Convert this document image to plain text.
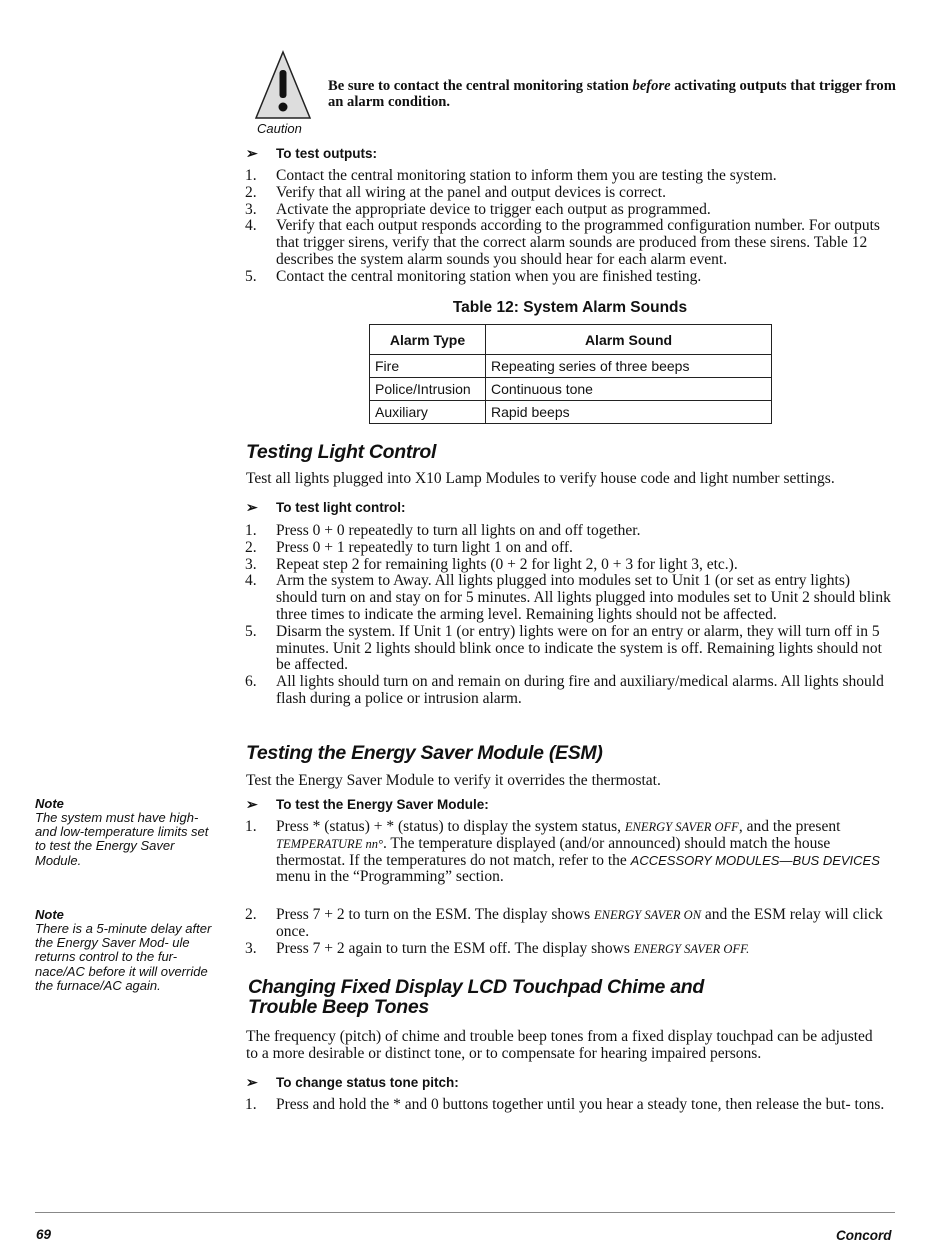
Caution
Be sure to contact the central monitoring station before activating outputs that trigger from an alarm condition.
➢ To test outputs:
1. Contact the central monitoring station to inform them you are testing the system.
2. Verify that all wiring at the panel and output devices is correct.
3. Activate the appropriate device to trigger each output as programmed.
4. Verify that each output responds according to the programmed configuration number. For outputs that trigger sirens, verify that the correct alarm sounds are produced from these sirens. Table 12 describes the system alarm sounds you should hear for each alarm event.
5. Contact the central monitoring station when you are finished testing.
Table 12: System Alarm Sounds
Alarm Type	Alarm Sound
Fire	Repeating series of three beeps
Police/Intrusion	Continuous tone
Auxiliary	Rapid beeps
Testing Light Control
Test all lights plugged into X10 Lamp Modules to verify house code and light number settings.
➢ To test light control:
1. Press 0 + 0 repeatedly to turn all lights on and off together.
2. Press 0 + 1 repeatedly to turn light 1 on and off.
3. Repeat step 2 for remaining lights (0 + 2 for light 2, 0 + 3 for light 3, etc.).
4. Arm the system to Away. All lights plugged into modules set to Unit 1 (or set as entry lights) should turn on and stay on for 5 minutes. All lights plugged into modules set to Unit 2 should blink three times to indicate the arming level. Remaining lights should not be affected.
5. Disarm the system. If Unit 1 (or entry) lights were on for an entry or alarm, they will turn off in 5 minutes. Unit 2 lights should blink once to indicate the system is off. Remaining lights should not be affected.
6. All lights should turn on and remain on during fire and auxiliary/medical alarms. All lights should flash during a police or intrusion alarm.
Testing the Energy Saver Module (ESM)
Test the Energy Saver Module to verify it overrides the thermostat.
➢ To test the Energy Saver Module:
1. Press * (status) + * (status) to display the system status, ENERGY SAVER OFF, and the present TEMPERATURE nn°. The temperature displayed (and/or announced) should match the house thermostat. If the temperatures do not match, refer to the ACCESSORY MODULES—BUS DEVICES menu in the “Programming” section.
2. Press 7 + 2 to turn on the ESM. The display shows ENERGY SAVER ON and the ESM relay will click once.
3. Press 7 + 2 again to turn the ESM off. The display shows ENERGY SAVER OFF.
Note
The system must have high- and low-temperature limits set to test the Energy Saver Module.
Note
There is a 5-minute delay after the Energy Saver Mod- ule returns control to the fur- nace/AC before it will override the furnace/AC again.	Changing Fixed Display LCD Touchpad Chime and
Trouble Beep Tones
The frequency (pitch) of chime and trouble beep tones from a fixed display touchpad can be adjusted to a more desirable or distinct tone, or to compensate for hearing impaired persons.
➢ To change status tone pitch:
1. Press and hold the * and 0 buttons together until you hear a steady tone, then release the but- tons.
69	Concord
